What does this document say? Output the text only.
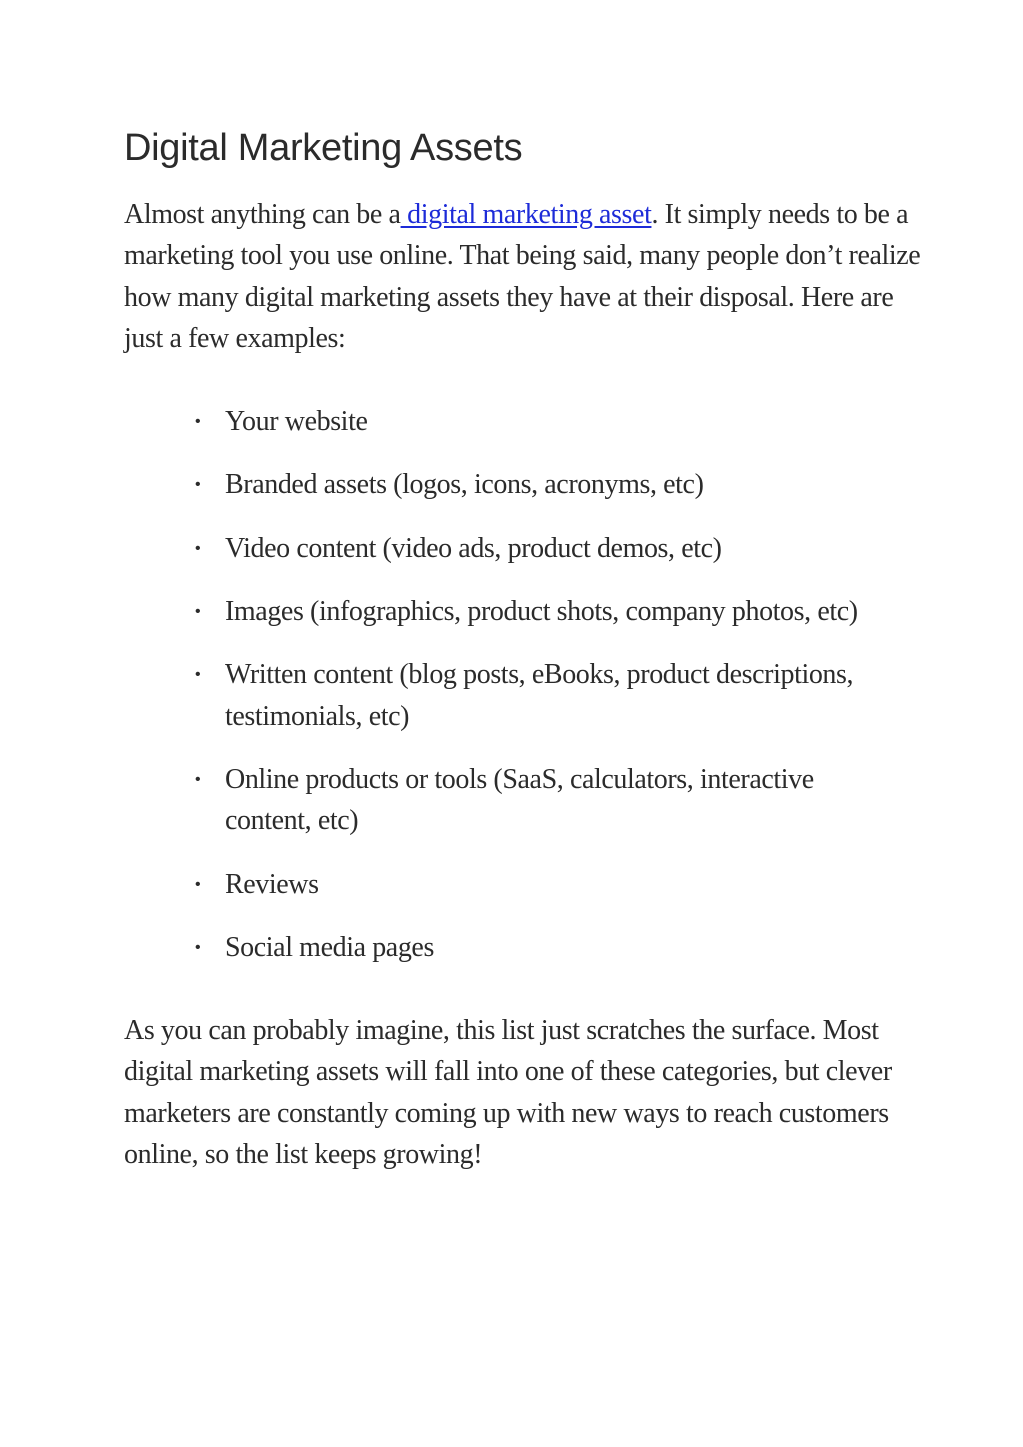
Digital Marketing Assets

Almost anything can be a digital marketing asset. It simply needs to be a marketing tool you use online. That being said, many people don’t realize how many digital marketing assets they have at their disposal. Here are just a few examples:

• Your website
• Branded assets (logos, icons, acronyms, etc)
• Video content (video ads, product demos, etc)
• Images (infographics, product shots, company photos, etc)
• Written content (blog posts, eBooks, product descriptions, testimonials, etc)
• Online products or tools (SaaS, calculators, interactive content, etc)
• Reviews
• Social media pages

As you can probably imagine, this list just scratches the surface. Most digital marketing assets will fall into one of these categories, but clever marketers are constantly coming up with new ways to reach customers online, so the list keeps growing!
